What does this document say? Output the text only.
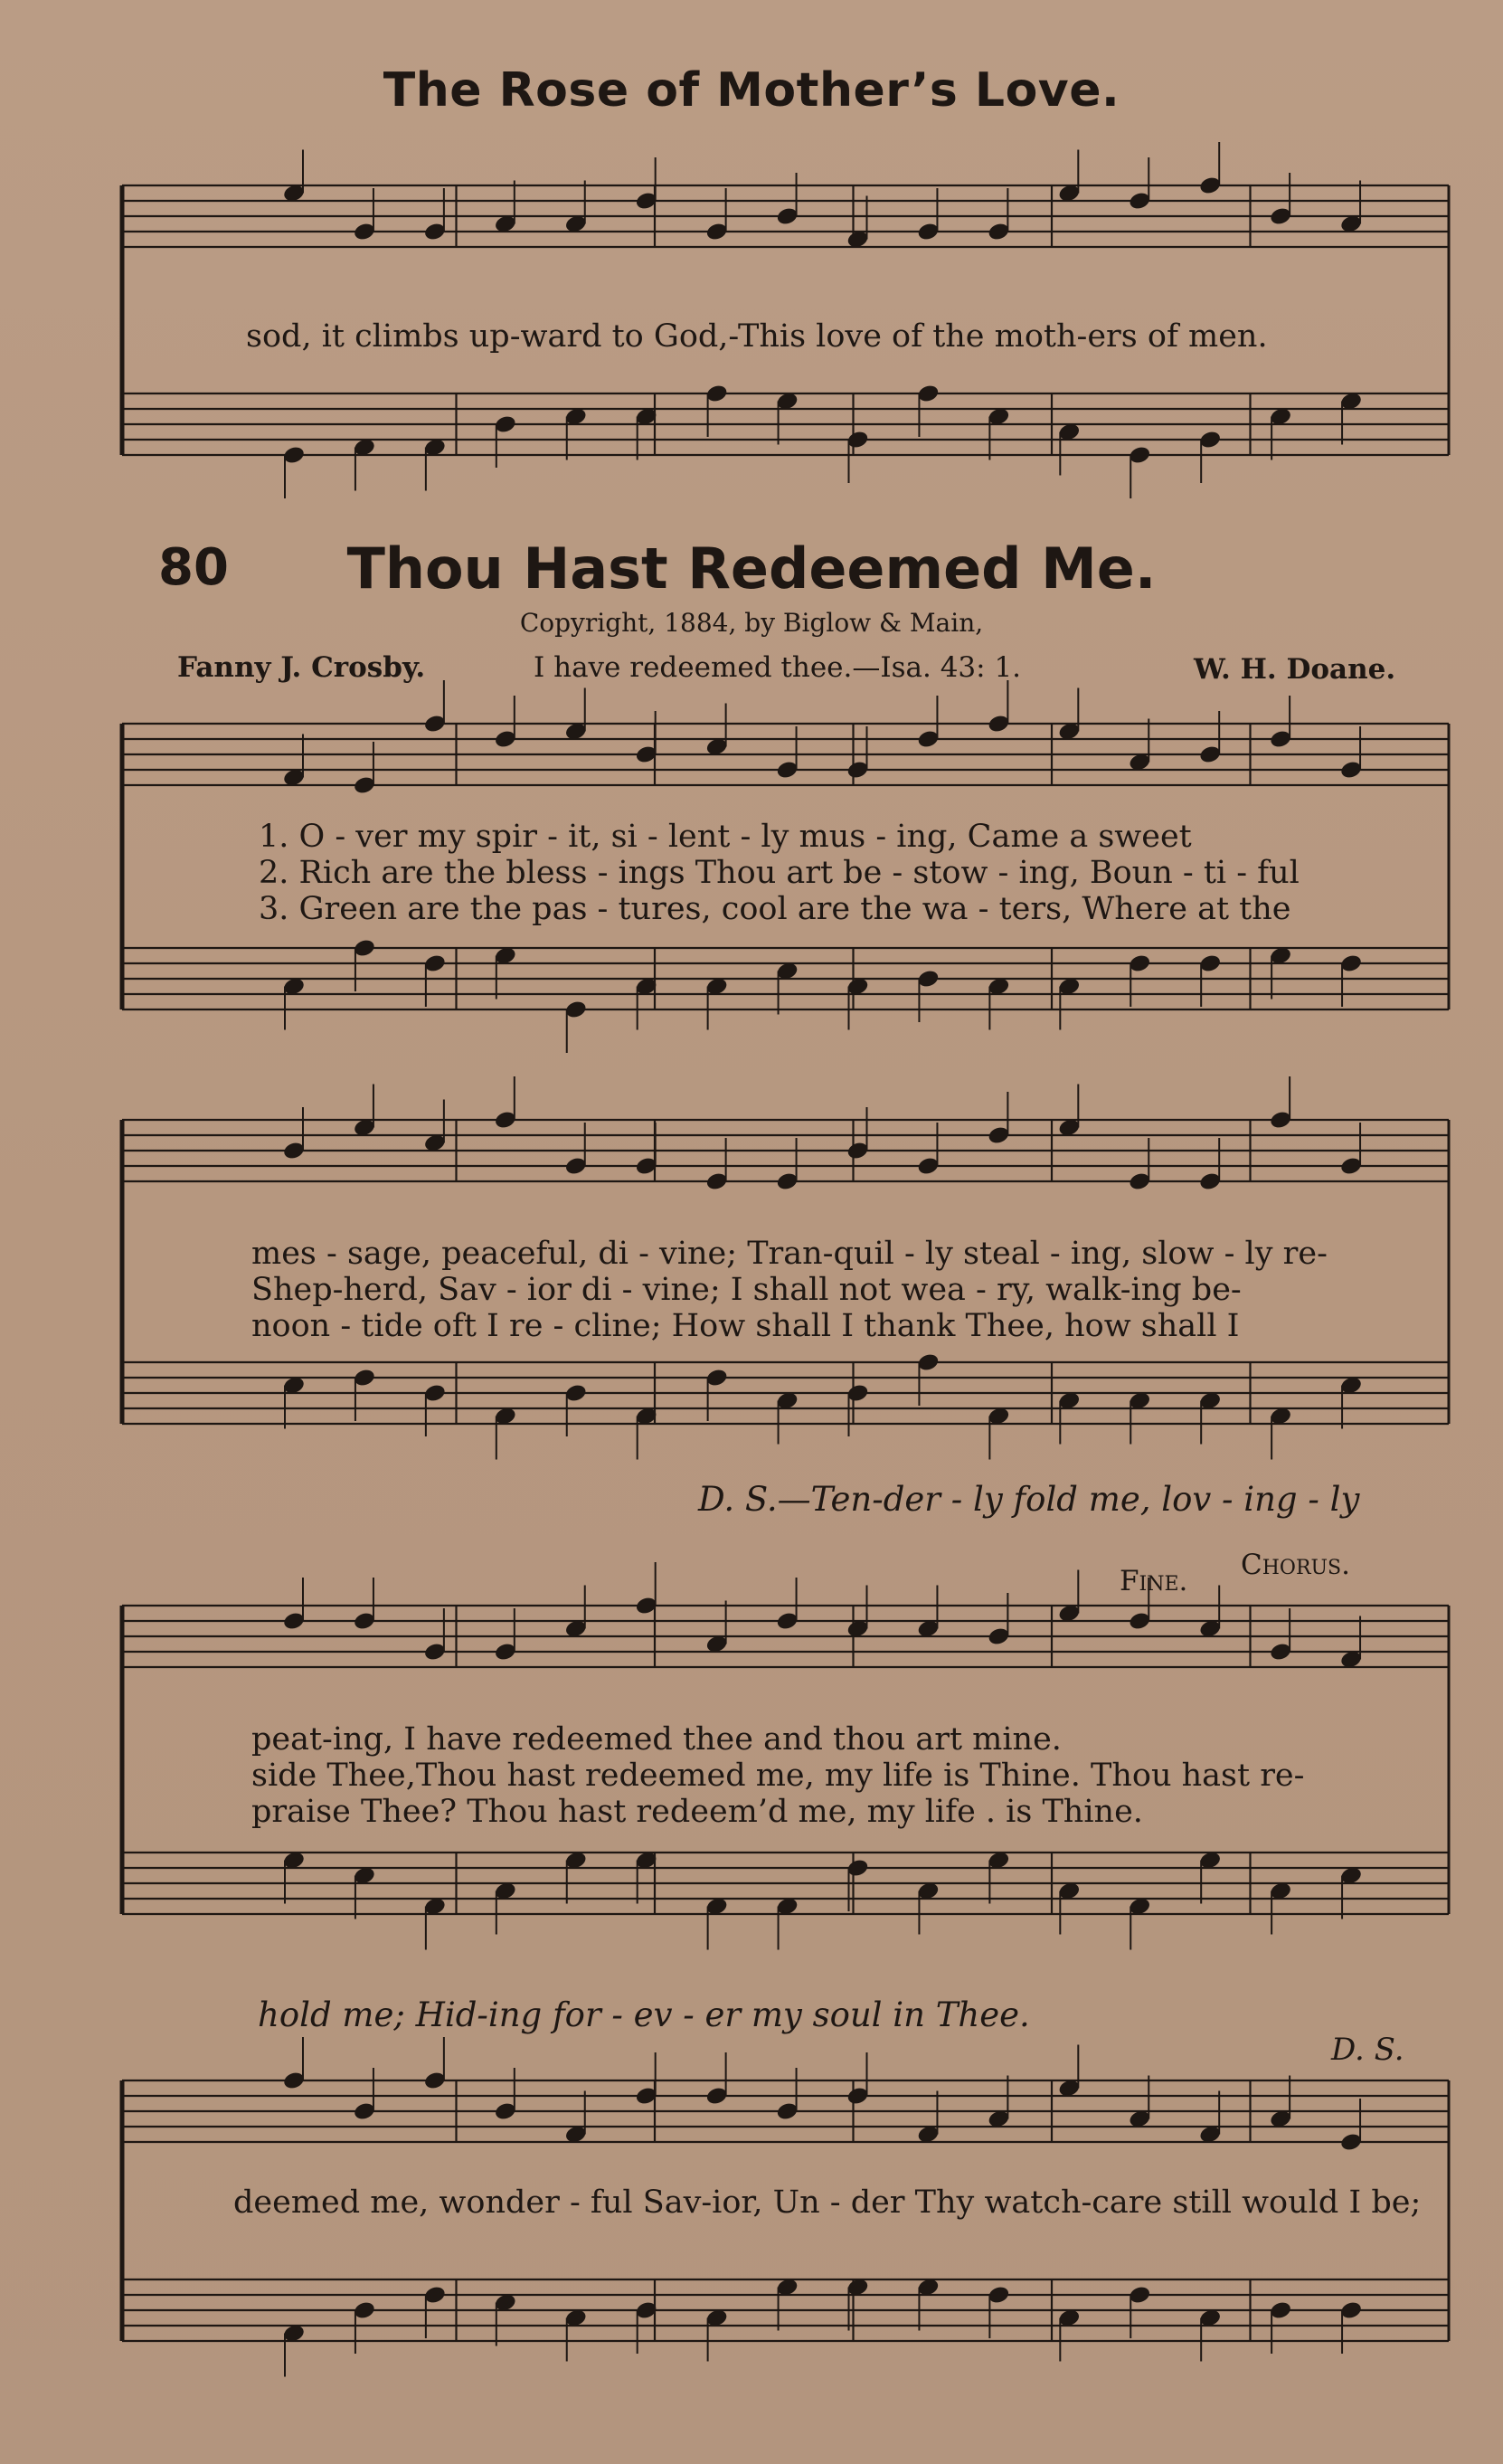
The Rose of Mother’s Love.
sod, it climbs up-ward to God,-This love of the moth-ers of men.
80	Thou Hast Redeemed Me.
Copyright, 1884, by Biglow & Main,
Fanny J. Crosby.	I have redeemed thee.—Isa. 43: 1.	W. H. Doane.
1. O - ver my spir - it, si - lent - ly mus - ing, Came a sweet
2. Rich are the bless - ings Thou art be - stow - ing, Boun - ti - ful
3. Green are the pas - tures, cool are the wa - ters, Where at the
mes - sage, peaceful, di - vine; Tran-quil - ly steal - ing, slow - ly re-
Shep-herd, Sav - ior di - vine; I shall not wea - ry, walk-ing be-
noon - tide oft I re - cline; How shall I thank Thee, how shall I
D. S.—Ten-der - ly fold me, lov - ing - ly
Fine. Chorus.
peat-ing, I have redeemed thee and thou art mine.
side Thee,Thou hast redeemed me, my life is Thine. Thou hast re-
praise Thee? Thou hast redeem’d me, my life . is Thine.
hold me; Hid-ing for - ev - er my soul in Thee.
D. S.
deemed me, wonder - ful Sav-ior, Un - der Thy watch-care still would I be;
